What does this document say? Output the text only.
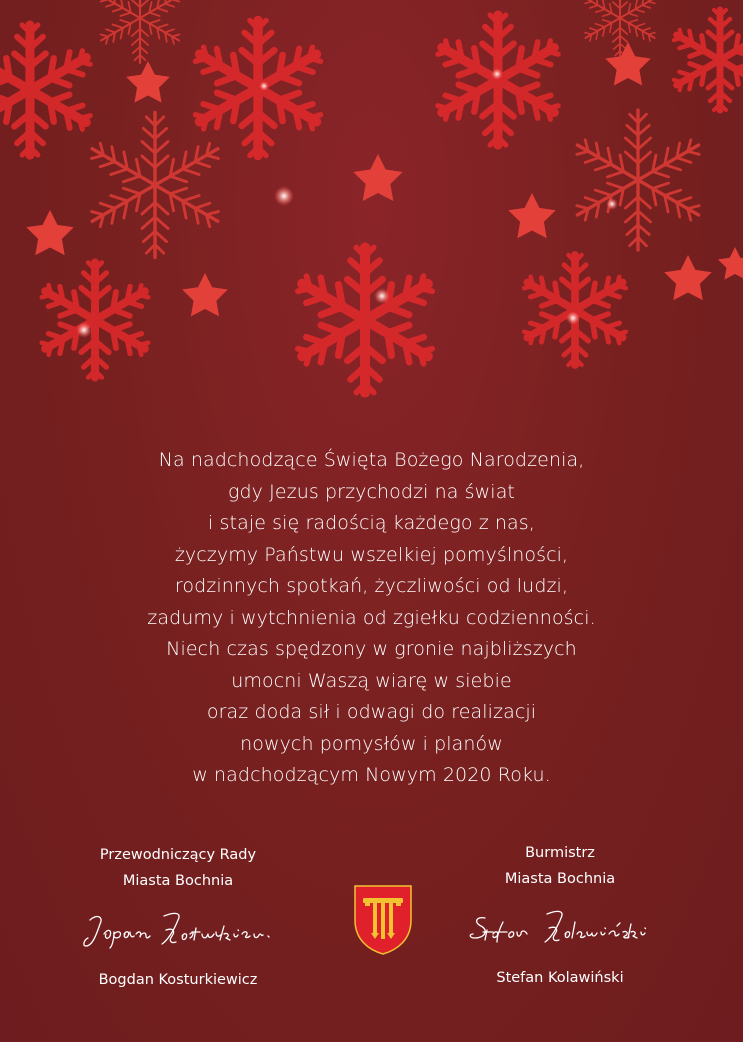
Na nadchodzące Święta Bożego Narodzenia,
gdy Jezus przychodzi na świat
i staje się radością każdego z nas,
życzymy Państwu wszelkiej pomyślności,
rodzinnych spotkań, życzliwości od ludzi,
zadumy i wytchnienia od zgiełku codzienności.
Niech czas spędzony w gronie najbliższych
umocni Waszą wiarę w siebie
oraz doda sił i odwagi do realizacji
nowych pomysłów i planów
w nadchodzącym Nowym 2020 Roku.
Przewodniczący Rady
Miasta Bochnia
Bogdan Kosturkiewicz
Burmistrz
Miasta Bochnia
Stefan Kolawiński
